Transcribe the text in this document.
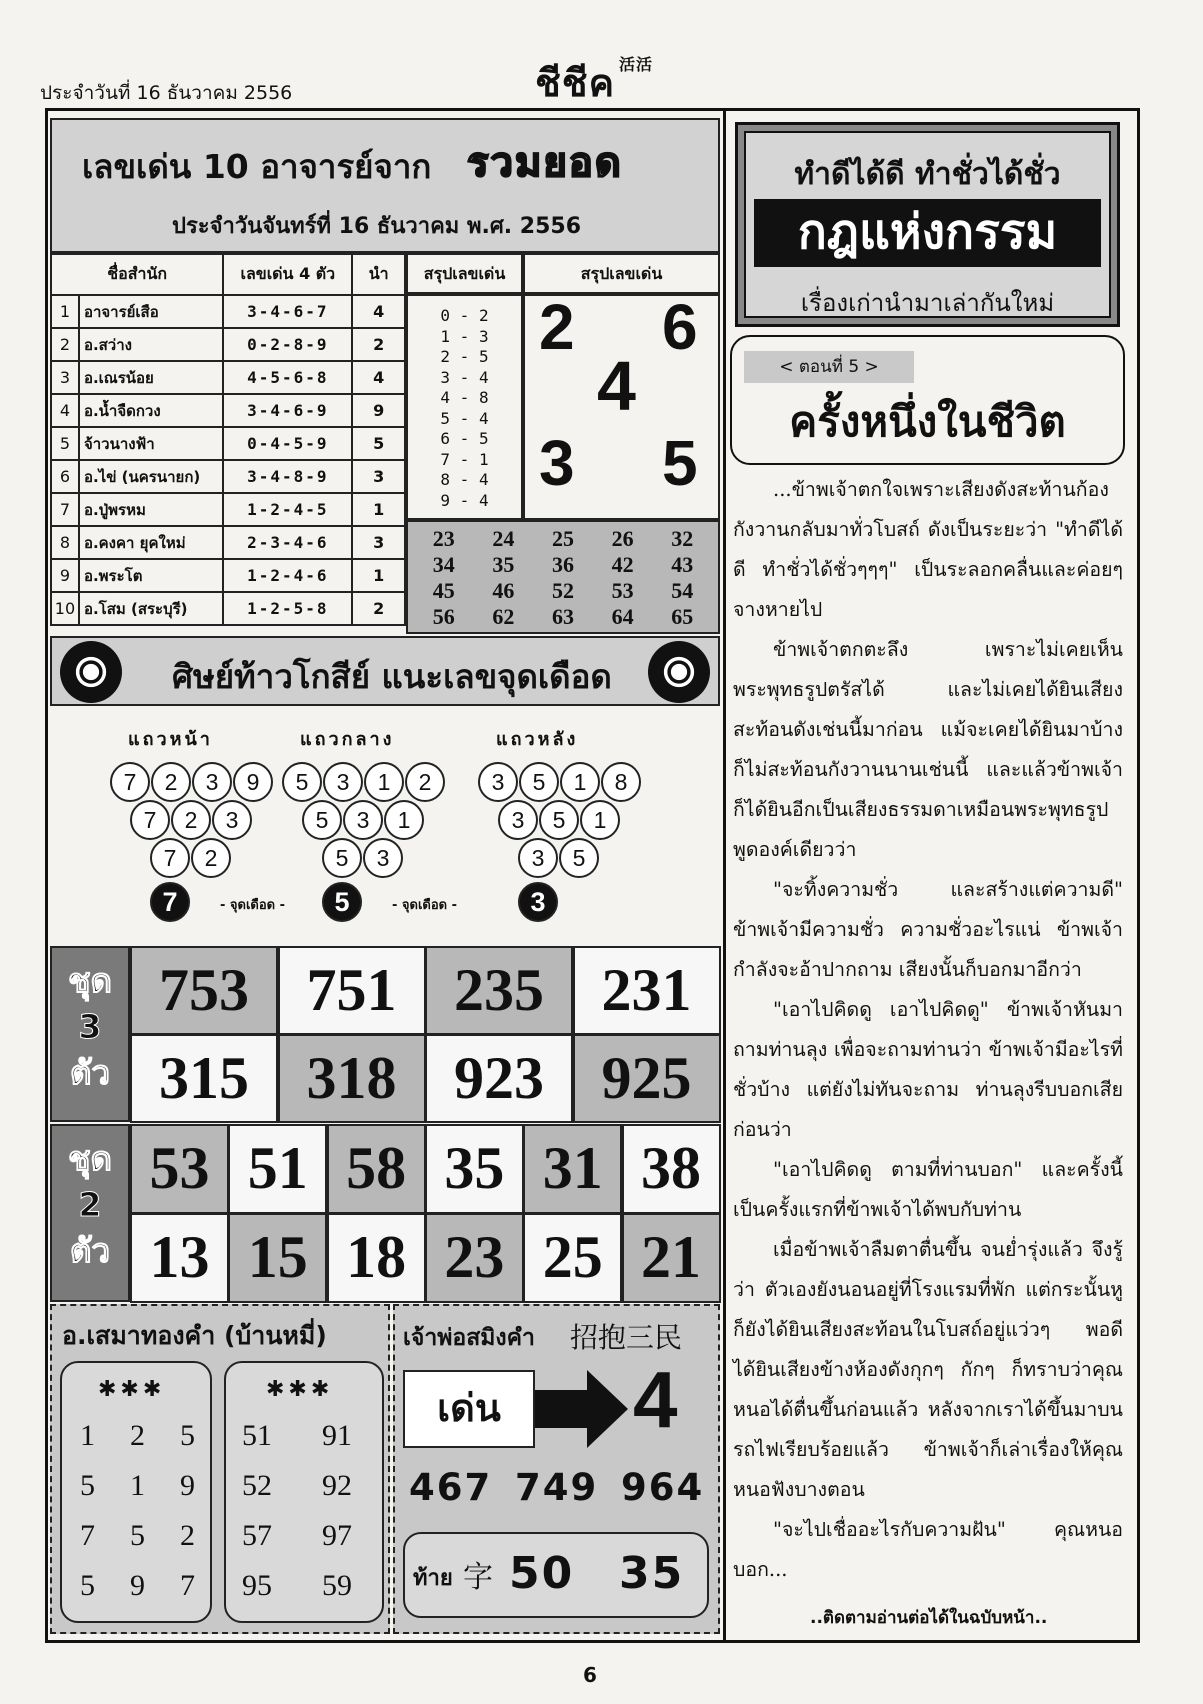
ประจำวันที่ 16 ธันวาคม 2556	ชีชีค $^{活活}$
เลขเด่น 10 อาจารย์จาก รวมยอด
ประจำวันจันทร์ที่ 16 ธันวาคม พ.ศ. 2556
ชื่อสำนัก		เลขเด่น 4 ตัว	นำ
1	อาจารย์เสือ	3-4-6-7	4
2	อ.สว่าง	0-2-8-9	2
3	อ.เณรน้อย	4-5-6-8	4
4	อ.น้ำจืดกวง	3-4-6-9	9
5	จ้าวนางฟ้า	0-4-5-9	5
6	อ.ไข่ (นครนายก)	3-4-8-9	3
7	อ.ปู่พรหม	1-2-4-5	1
8	อ.คงคา ยุคใหม่	2-3-4-6	3
9	อ.พระโต	1-2-4-6	1
10	อ.โสม (สระบุรี)	1-2-5-8	2
สรุปเลขเด่น	สรุปเลขเด่น
0 - 2
1 - 3
2 - 5
3 - 4
4 - 8
5 - 4
6 - 5
7 - 1
8 - 4
9 - 4
2 6
4
3 5
23	24	25	26	32
34	35	36	42	43
45	46	52	53	54
56	62	63	64	65
ศิษย์ท้าวโกสีย์ แนะเลขจุดเดือด
แถวหน้า
7	2	3	9
7	2	3
7	2
7	- จุดเดือด -
แถวกลาง
5	3	1	2
5	3	1
5	3
5	- จุดเดือด -
แถวหลัง
3	5	1	8
3	5	1
3	5
3
ชุด
3
ตัว
753 751 235 231
315 318 923 925
ชุด
2
ตัว
53 51 58 35 31 38
13 15 18 23 25 21
อ.เสมาทองคำ (บ้านหมี่)
✱✱✱
1 2 5
5 1 9
7 5 2
5 9 7
✱✱✱
51 91
52 92
57 97
95 59
เจ้าพ่อสมิงคำ 招抱三民
เด่น	4
467 749 964
ท้าย 字 50 35
ทำดีได้ดี ทำชั่วได้ชั่ว
กฎแห่งกรรม
เรื่องเก่านำมาเล่ากันใหม่
< ตอนที่ 5 >
ครั้งหนึ่งในชีวิต

...ข้าพเจ้าตกใจเพราะเสียงดังสะท้านก้องกังวานกลับมาทั่วโบสถ์ ดังเป็นระยะว่า "ทำดีได้ดี ทำชั่วได้ชั่วๆๆๆ" เป็นระลอกคลื่นและค่อยๆ จางหายไป

ข้าพเจ้าตกตะลึง เพราะไม่เคยเห็นพระพุทธรูปตรัสได้ และไม่เคยได้ยินเสียงสะท้อนดังเช่นนี้มาก่อน แม้จะเคยได้ยินมาบ้าง ก็ไม่สะท้อนกังวานนานเช่นนี้ และแล้วข้าพเจ้าก็ได้ยินอีกเป็นเสียงธรรมดาเหมือนพระพุทธรูปพูดองค์เดียวว่า

"จะทิ้งความชั่ว และสร้างแต่ความดี" ข้าพเจ้ามีความชั่ว ความชั่วอะไรแน่ ข้าพเจ้ากำลังจะอ้าปากถาม เสียงนั้นก็บอกมาอีกว่า

"เอาไปคิดดู เอาไปคิดดู" ข้าพเจ้าหันมาถามท่านลุง เพื่อจะถามท่านว่า ข้าพเจ้ามีอะไรที่ชั่วบ้าง แต่ยังไม่ทันจะถาม ท่านลุงรีบบอกเสียก่อนว่า

"เอาไปคิดดู ตามที่ท่านบอก" และครั้งนี้เป็นครั้งแรกที่ข้าพเจ้าได้พบกับท่าน

เมื่อข้าพเจ้าลืมตาตื่นขึ้น จนย่ำรุ่งแล้ว จึงรู้ว่า ตัวเองยังนอนอยู่ที่โรงแรมที่พัก แต่กระนั้นหูก็ยังได้ยินเสียงสะท้อนในโบสถ์อยู่แว่วๆ พอดีได้ยินเสียงข้างห้องดังกุกๆ กักๆ ก็ทราบว่าคุณหนอได้ตื่นขึ้นก่อนแล้ว หลังจากเราได้ขึ้นมาบนรถไฟเรียบร้อยแล้ว ข้าพเจ้าก็เล่าเรื่องให้คุณหนอฟังบางตอน

"จะไปเชื่ออะไรกับความฝัน" คุณหนอบอก...

..ติดตามอ่านต่อได้ในฉบับหน้า..
6
